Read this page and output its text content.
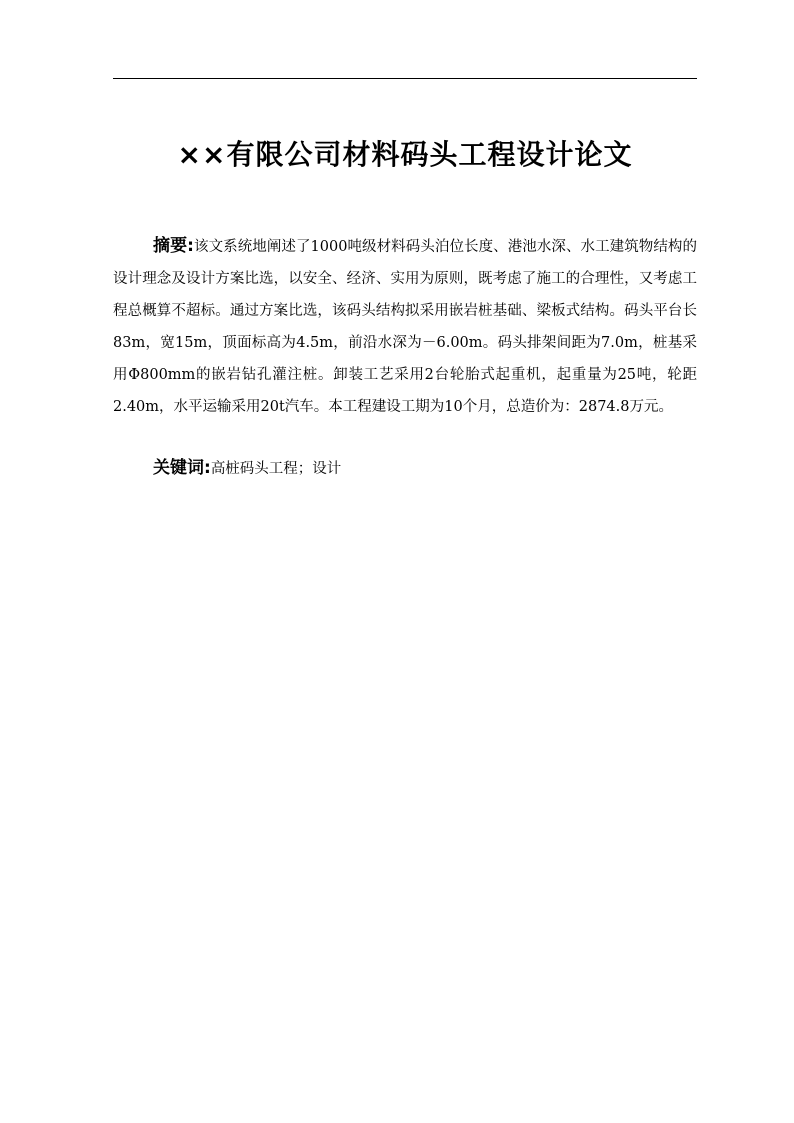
××有限公司材料码头工程设计论文

摘要:该文系统地阐述了1000吨级材料码头泊位长度、港池水深、水工建筑物结构的设计理念及设计方案比选，以安全、经济、实用为原则，既考虑了施工的合理性，又考虑工程总概算不超标。通过方案比选，该码头结构拟采用嵌岩桩基础、梁板式结构。码头平台长83m，宽15m，顶面标高为4.5m，前沿水深为－6.00m。码头排架间距为7.0m，桩基采用Φ800mm的嵌岩钻孔灌注桩。卸装工艺采用2台轮胎式起重机，起重量为25吨，轮距2.40m，水平运输采用20t汽车。本工程建设工期为10个月，总造价为：2874.8万元。

关键词:高桩码头工程；设计
